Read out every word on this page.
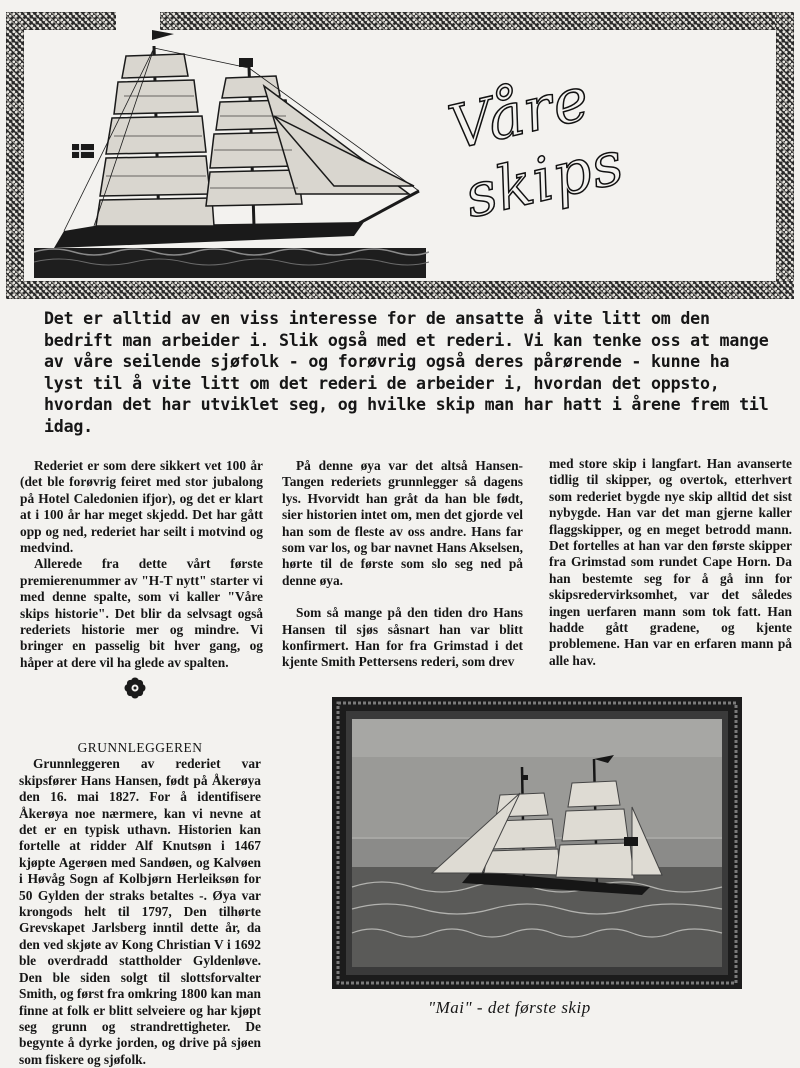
Våre skips

Det er alltid av en viss interesse for de ansatte å vite litt om den bedrift man arbeider i. Slik også med et rederi. Vi kan tenke oss at mange av våre seilende sjøfolk - og forøvrig også deres pårørende - kunne ha lyst til å vite litt om det rederi de arbeider i, hvordan det oppsto, hvordan det har utviklet seg, og hvilke skip man har hatt i årene frem til idag.

Rederiet er som dere sikkert vet 100 år (det ble forøvrig feiret med stor jubalong på Hotel Caledonien ifjor), og det er klart at i 100 år har meget skjedd. Det har gått opp og ned, rederiet har seilt i motvind og medvind.

Allerede fra dette vårt første premierenummer av "H-T nytt" starter vi med denne spalte, som vi kaller "Våre skips historie". Det blir da selvsagt også rederiets historie mer og mindre. Vi bringer en passelig bit hver gang, og håper at dere vil ha glede av spalten.

På denne øya var det altså Hansen-Tangen rederiets grunnlegger så dagens lys. Hvorvidt han gråt da han ble født, sier historien intet om, men det gjorde vel han som de fleste av oss andre. Hans far som var los, og bar navnet Hans Akselsen, hørte til de første som slo seg ned på denne øya.

Som så mange på den tiden dro Hans Hansen til sjøs såsnart han var blitt konfirmert. Han for fra Grimstad i det kjente Smith Pettersens rederi, som drev

med store skip i langfart. Han avanserte tidlig til skipper, og overtok, etterhvert som rederiet bygde nye skip alltid det sist nybygde. Han var det man gjerne kaller flaggskipper, og en meget betrodd mann. Det fortelles at han var den første skipper fra Grimstad som rundet Cape Horn. Da han bestemte seg for å gå inn for skipsredervirksomhet, var det således ingen uerfaren mann som tok fatt. Han hadde gått gradene, og kjente problemene. Han var en erfaren mann på alle hav.

GRUNNLEGGEREN

Grunnleggeren av rederiet var skipsfører Hans Hansen, født på Åkerøya den 16. mai 1827. For å identifisere Åkerøya noe nærmere, kan vi nevne at det er en typisk uthavn. Historien kan fortelle at ridder Alf Knutsøn i 1467 kjøpte Agerøen med Sandøen, og Kalvøen i Høvåg Sogn af Kolbjørn Herleiksøn for 50 Gylden der straks betaltes -. Øya var krongods helt til 1797, Den tilhørte Grevskapet Jarlsberg inntil dette år, da den ved skjøte av Kong Christian V i 1692 ble overdradd stattholder Gyldenløve. Den ble siden solgt til slottsforvalter Smith, og først fra omkring 1800 kan man finne at folk er blitt selveiere og har kjøpt seg grunn og strandrettigheter. De begynte å dyrke jorden, og drive på sjøen som fiskere og sjøfolk.

"Mai" - det første skip
